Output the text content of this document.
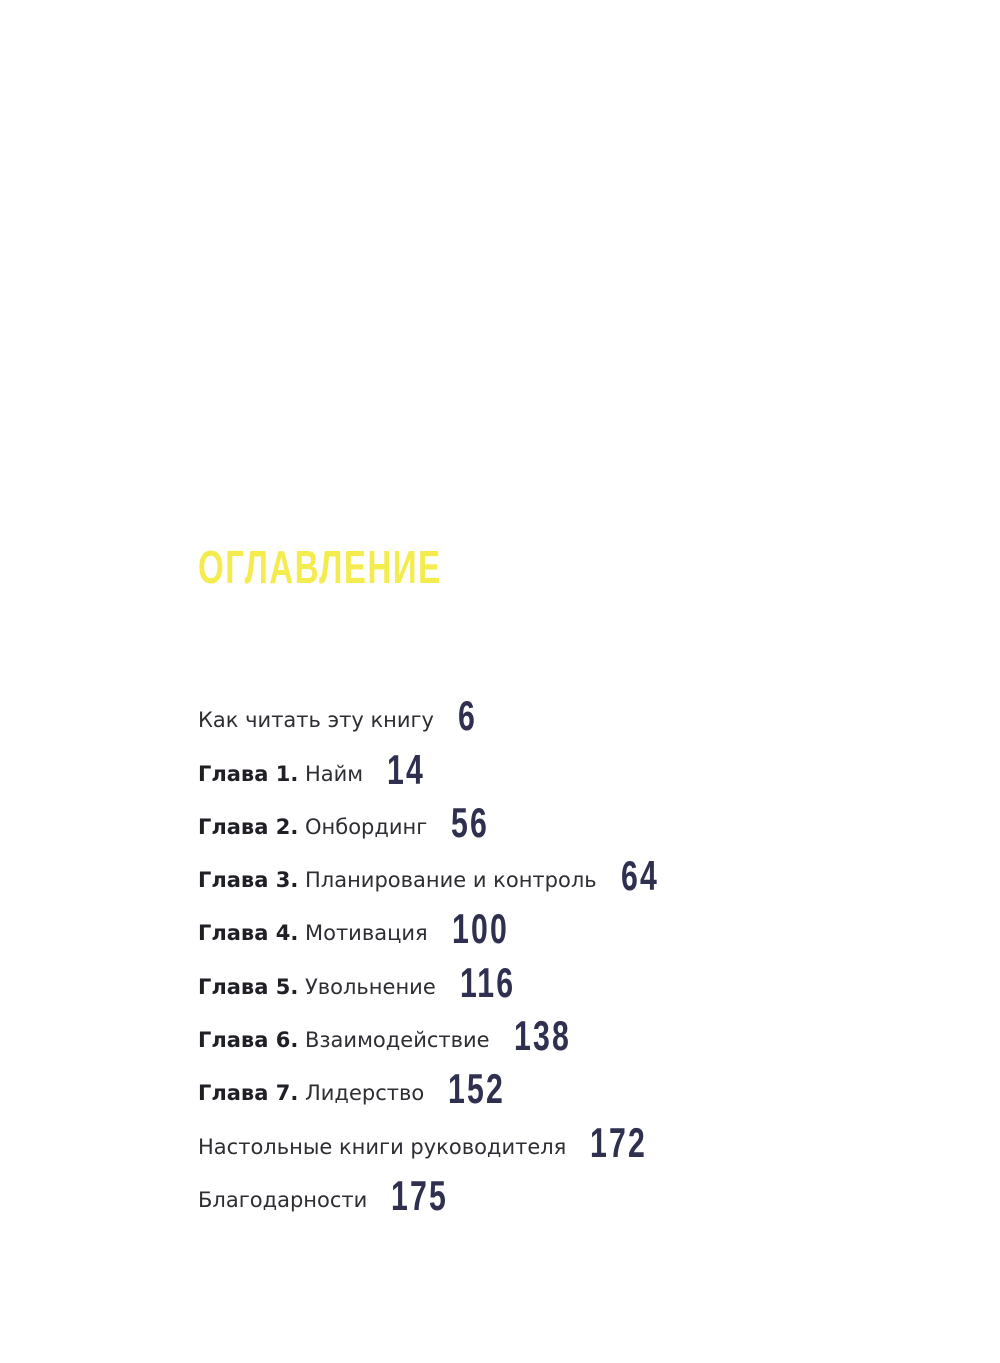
ОГЛАВЛЕНИЕ
Как читать эту книгу 6
Глава 1. Найм 14
Глава 2. Онбординг 56
Глава 3. Планирование и контроль 64
Глава 4. Мотивация 100
Глава 5. Увольнение 116
Глава 6. Взаимодействие 138
Глава 7. Лидерство 152
Настольные книги руководителя 172
Благодарности 175
